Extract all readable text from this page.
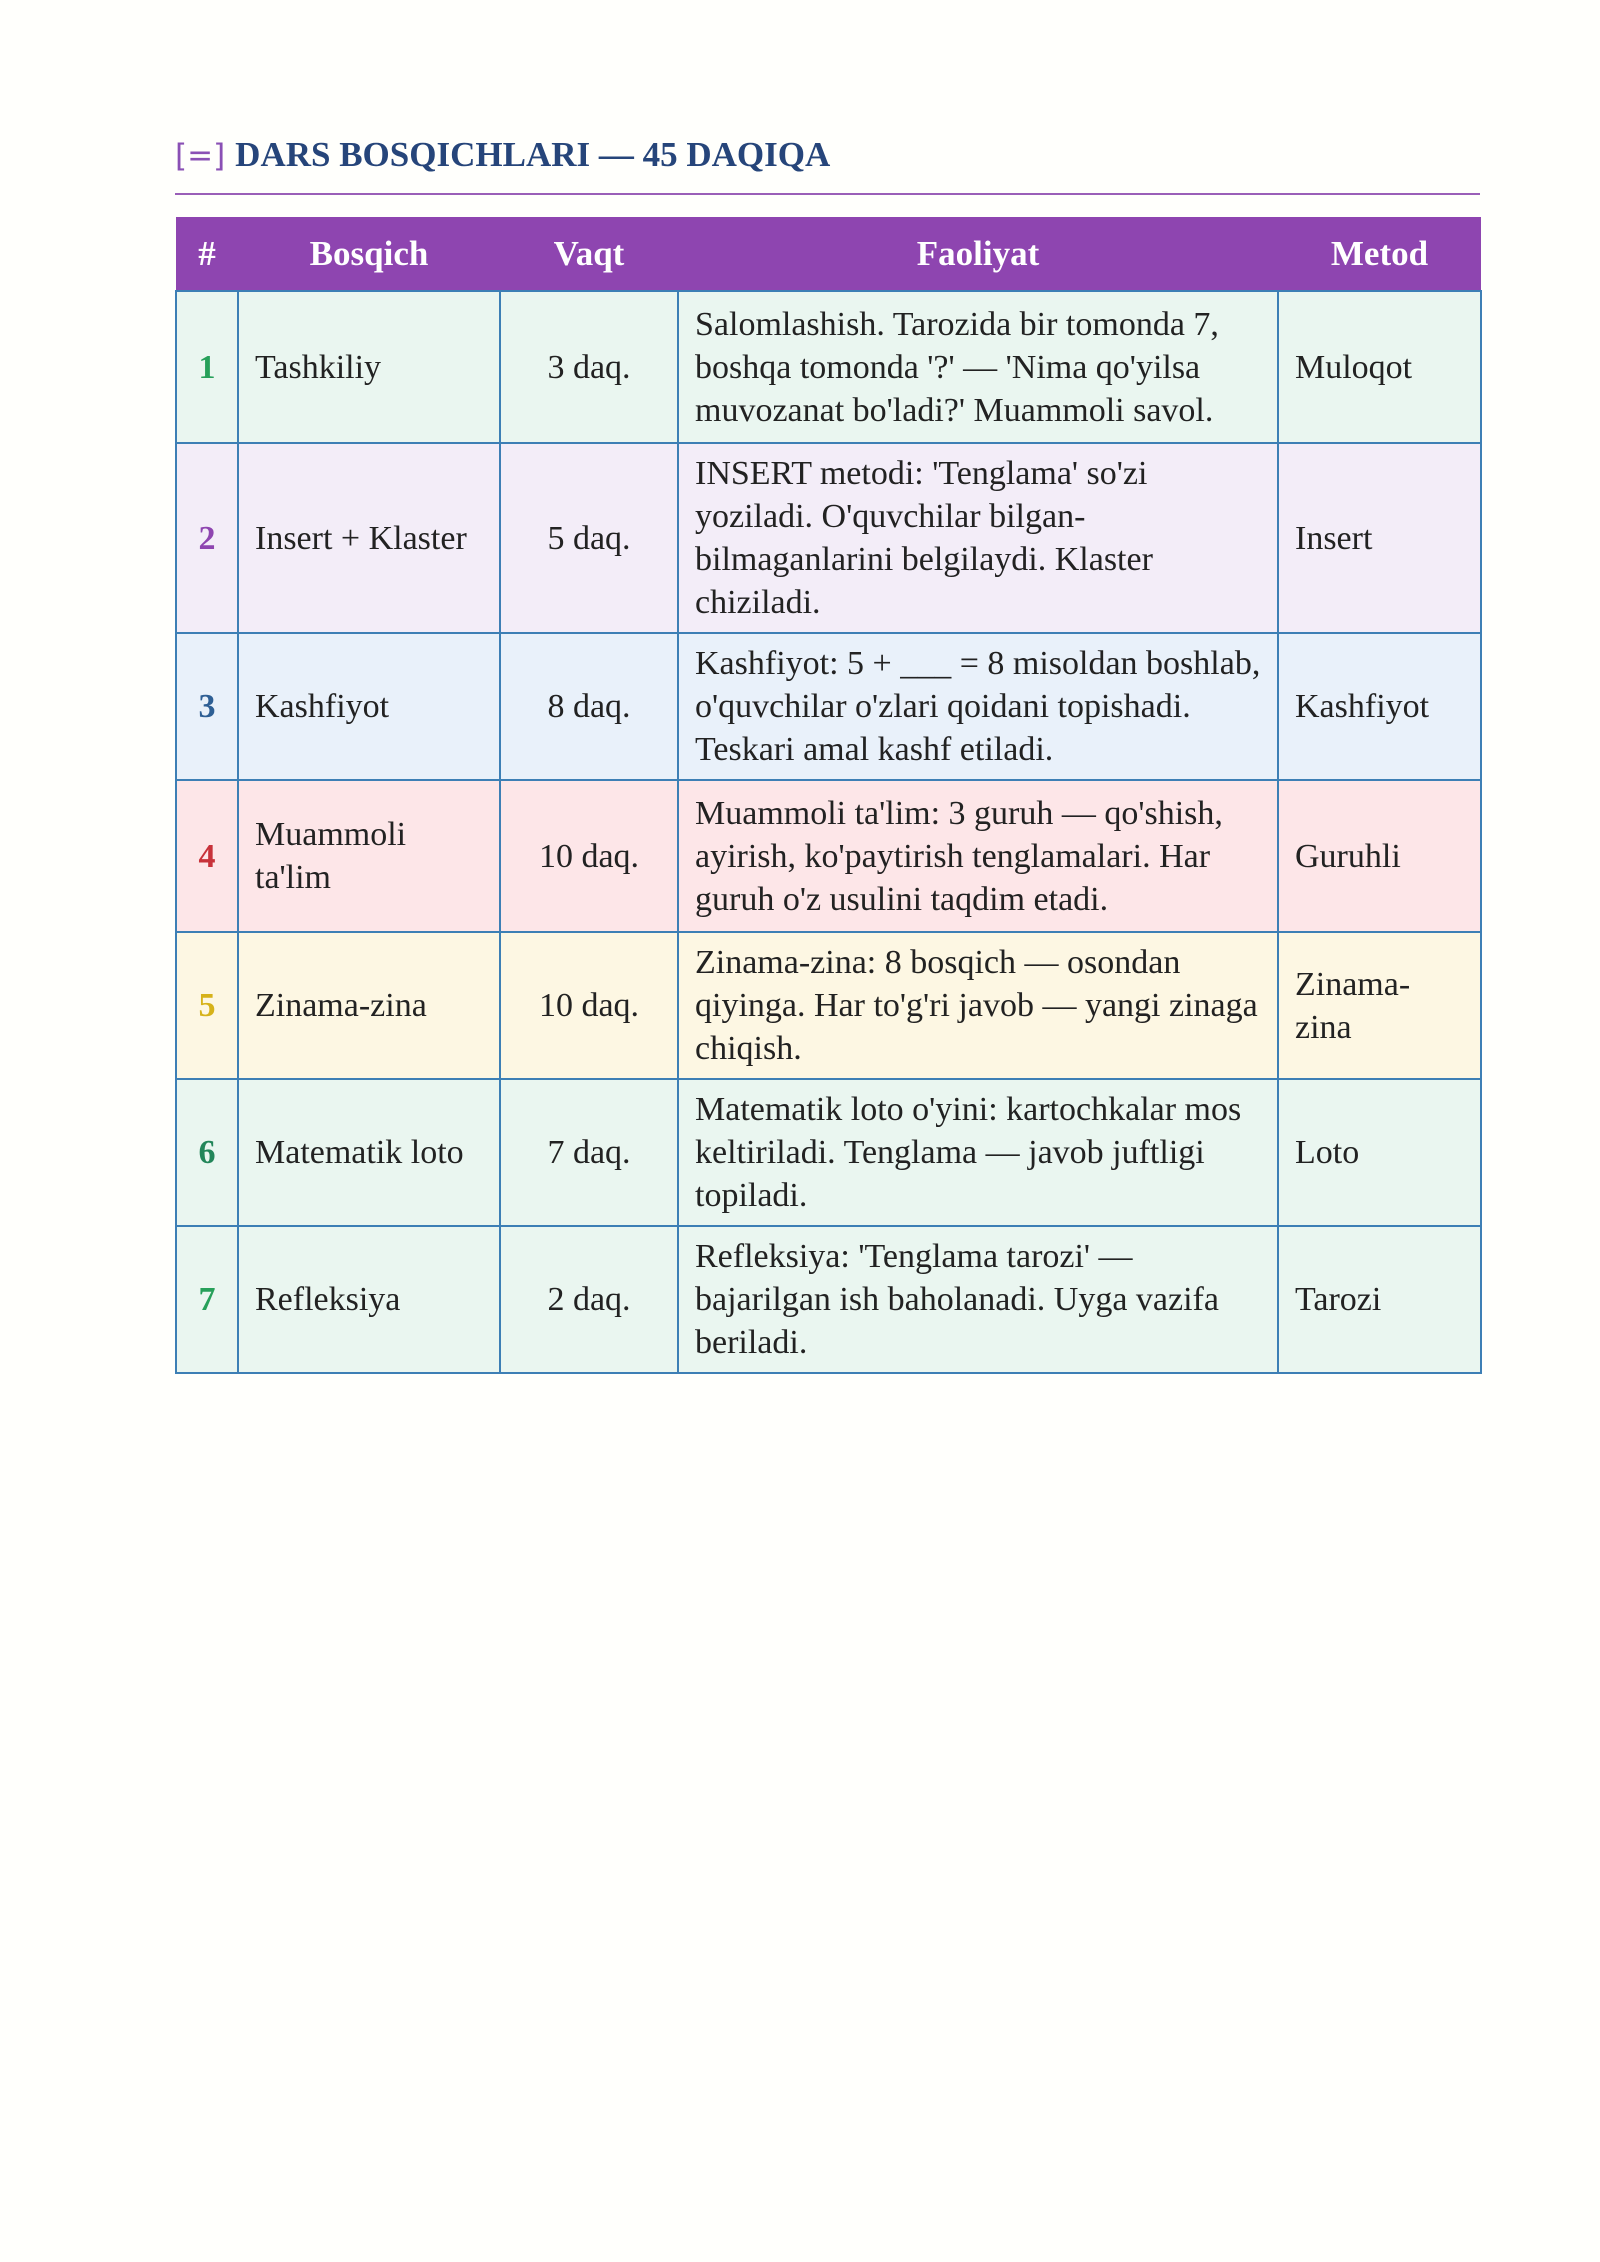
[=] DARS BOSQICHLARI — 45 DAQIQA
#	Bosqich	Vaqt	Faoliyat	Metod
1	Tashkiliy	3 daq.	Salomlashish. Tarozida bir tomonda 7, boshqa tomonda '?' — 'Nima qo'yilsa muvozanat bo'ladi?' Muammoli savol.	Muloqot
2	Insert + Klaster	5 daq.	INSERT metodi: 'Tenglama' so'zi yoziladi. O'quvchilar bilgan-bilmaganlarini belgilaydi. Klaster chiziladi.	Insert
3	Kashfiyot	8 daq.	Kashfiyot: 5 + ___ = 8 misoldan boshlab, o'quvchilar o'zlari qoidani topishadi. Teskari amal kashf etiladi.	Kashfiyot
4	Muammoli ta'lim	10 daq.	Muammoli ta'lim: 3 guruh — qo'shish, ayirish, ko'paytirish tenglamalari. Har guruh o'z usulini taqdim etadi.	Guruhli
5	Zinama-zina	10 daq.	Zinama-zina: 8 bosqich — osondan qiyinga. Har to'g'ri javob — yangi zinaga chiqish.	Zinama-zina
6	Matematik loto	7 daq.	Matematik loto o'yini: kartochkalar mos keltiriladi. Tenglama — javob juftligi topiladi.	Loto
7	Refleksiya	2 daq.	Refleksiya: 'Tenglama tarozi' — bajarilgan ish baholanadi. Uyga vazifa beriladi.	Tarozi
